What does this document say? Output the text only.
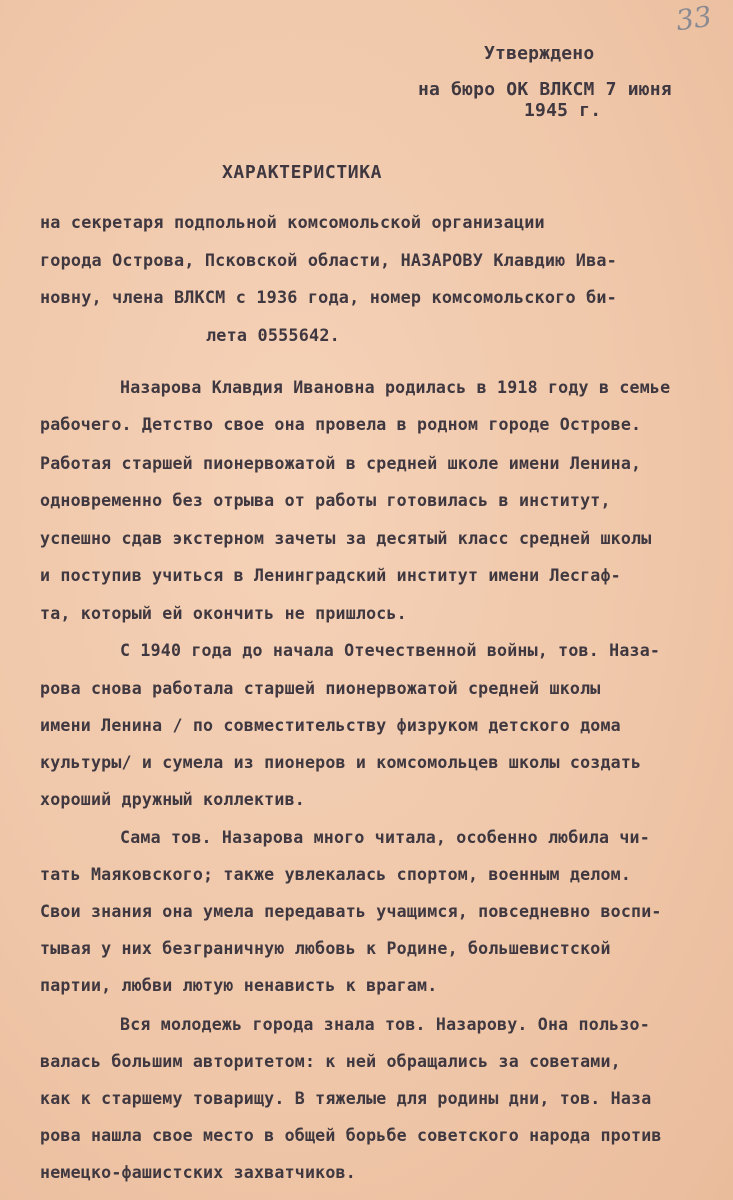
33
Утверждено
на бюро ОК ВЛКСМ 7 июня
1945 г.
ХАРАКТЕРИСТИКА
на секретаря подпольной комсомольской организации
города Острова, Псковской области, НАЗАРОВУ Клавдию Ива-
новну, члена ВЛКСМ с 1936 года, номер комсомольского би-
лета 0555642.
Назарова Клавдия Ивановна родилась в 1918 году в семье
рабочего. Детство свое она провела в родном городе Острове.
Работая старшей пионервожатой в средней школе имени Ленина,
одновременно без отрыва от работы готовилась в институт,
успешно сдав экстерном зачеты за десятый класс средней школы
и поступив учиться в Ленинградский институт имени Лесгаф-
та, который ей окончить не пришлось.
С 1940 года до начала Отечественной войны, тов. Наза-
рова снова работала старшей пионервожатой средней школы
имени Ленина / по совместительству физруком детского дома
культуры/ и сумела из пионеров и комсомольцев школы создать
хороший дружный коллектив.
Сама тов. Назарова много читала, особенно любила чи-
тать Маяковского; также увлекалась спортом, военным делом.
Свои знания она умела передавать учащимся, повседневно воспи-
тывая у них безграничную любовь к Родине, большевистской
партии, любви лютую ненависть к врагам.
Вся молодежь города знала тов. Назарову. Она пользо-
валась большим авторитетом: к ней обращались за советами,
как к старшему товарищу. В тяжелые для родины дни, тов. Наза
рова нашла свое место в общей борьбе советского народа против
немецко-фашистских захватчиков.
